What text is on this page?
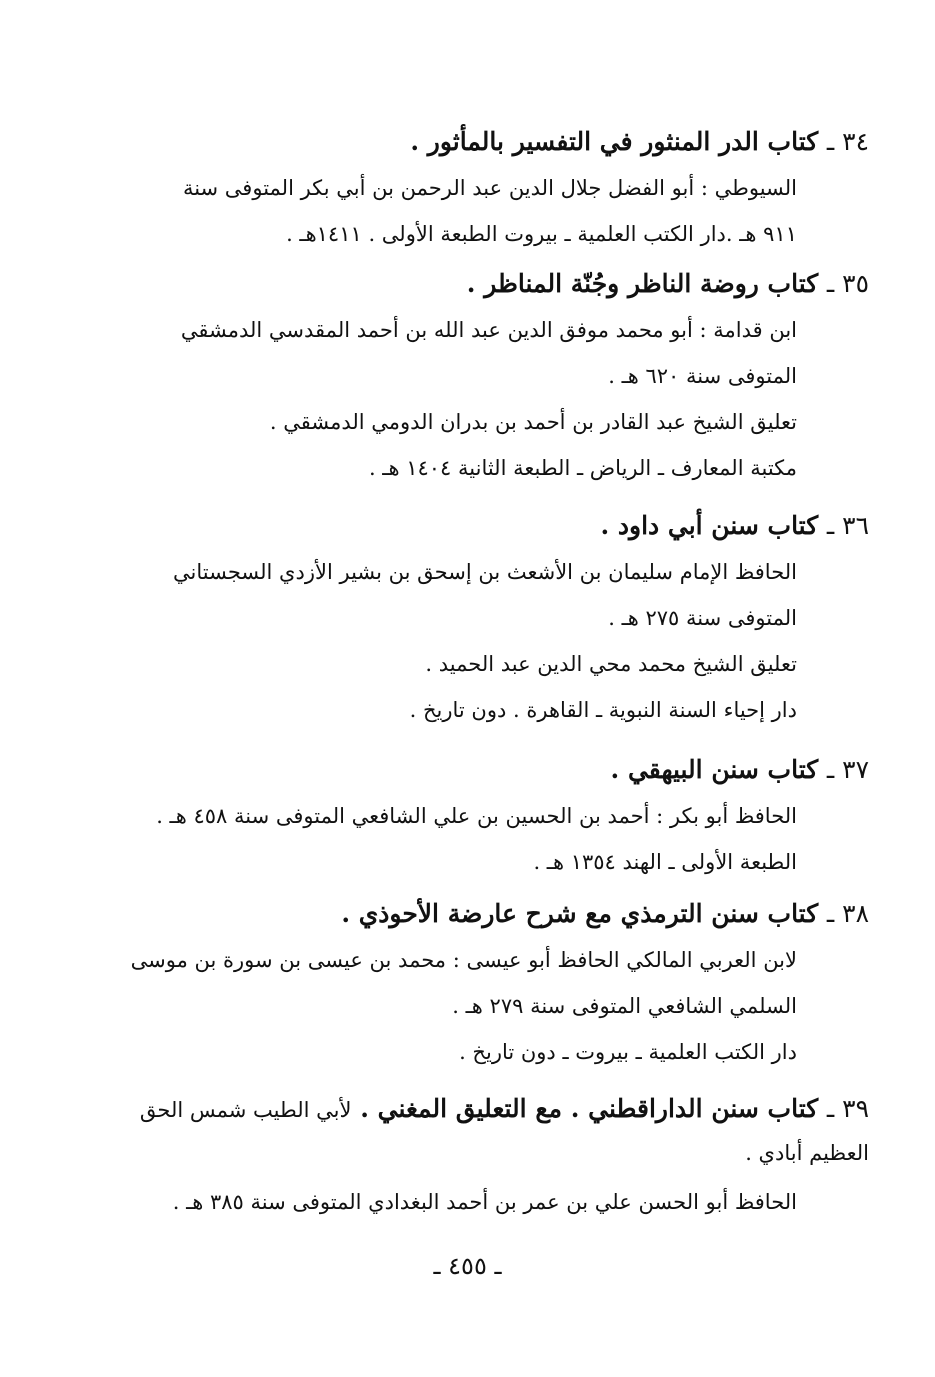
٣٤ ـ كتاب الدر المنثور في التفسير بالمأثور .
السيوطي : أبو الفضل جلال الدين عبد الرحمن بن أبي بكر المتوفى سنة
٩١١ هـ .دار الكتب العلمية ـ بيروت الطبعة الأولى . ١٤١١هـ .
٣٥ ـ كتاب روضة الناظر وجُنّة المناظر .
ابن قدامة : أبو محمد موفق الدين عبد الله بن أحمد المقدسي الدمشقي
المتوفى سنة ٦٢٠ هـ .
تعليق الشيخ عبد القادر بن أحمد بن بدران الدومي الدمشقي .
مكتبة المعارف ـ الرياض ـ الطبعة الثانية ١٤٠٤ هـ .
٣٦ ـ كتاب سنن أبي داود .
الحافظ الإمام سليمان بن الأشعث بن إسحق بن بشير الأزدي السجستاني
المتوفى سنة ٢٧٥ هـ .
تعليق الشيخ محمد محي الدين عبد الحميد .
دار إحياء السنة النبوية ـ القاهرة . دون تاريخ .
٣٧ ـ كتاب سنن البيهقي .
الحافظ أبو بكر : أحمد بن الحسين بن علي الشافعي المتوفى سنة ٤٥٨ هـ .
الطبعة الأولى ـ الهند ١٣٥٤ هـ .
٣٨ ـ كتاب سنن الترمذي مع شرح عارضة الأحوذي .
لابن العربي المالكي الحافظ أبو عيسى : محمد بن عيسى بن سورة بن موسى
السلمي الشافعي المتوفى سنة ٢٧٩ هـ .
دار الكتب العلمية ـ بيروت ـ دون تاريخ .
٣٩ ـ كتاب سنن الداراقطني . مع التعليق المغني . لأبي الطيب شمس الحق العظيم أبادي .
الحافظ أبو الحسن علي بن عمر بن أحمد البغدادي المتوفى سنة ٣٨٥ هـ .
ـ ٤٥٥ ـ
